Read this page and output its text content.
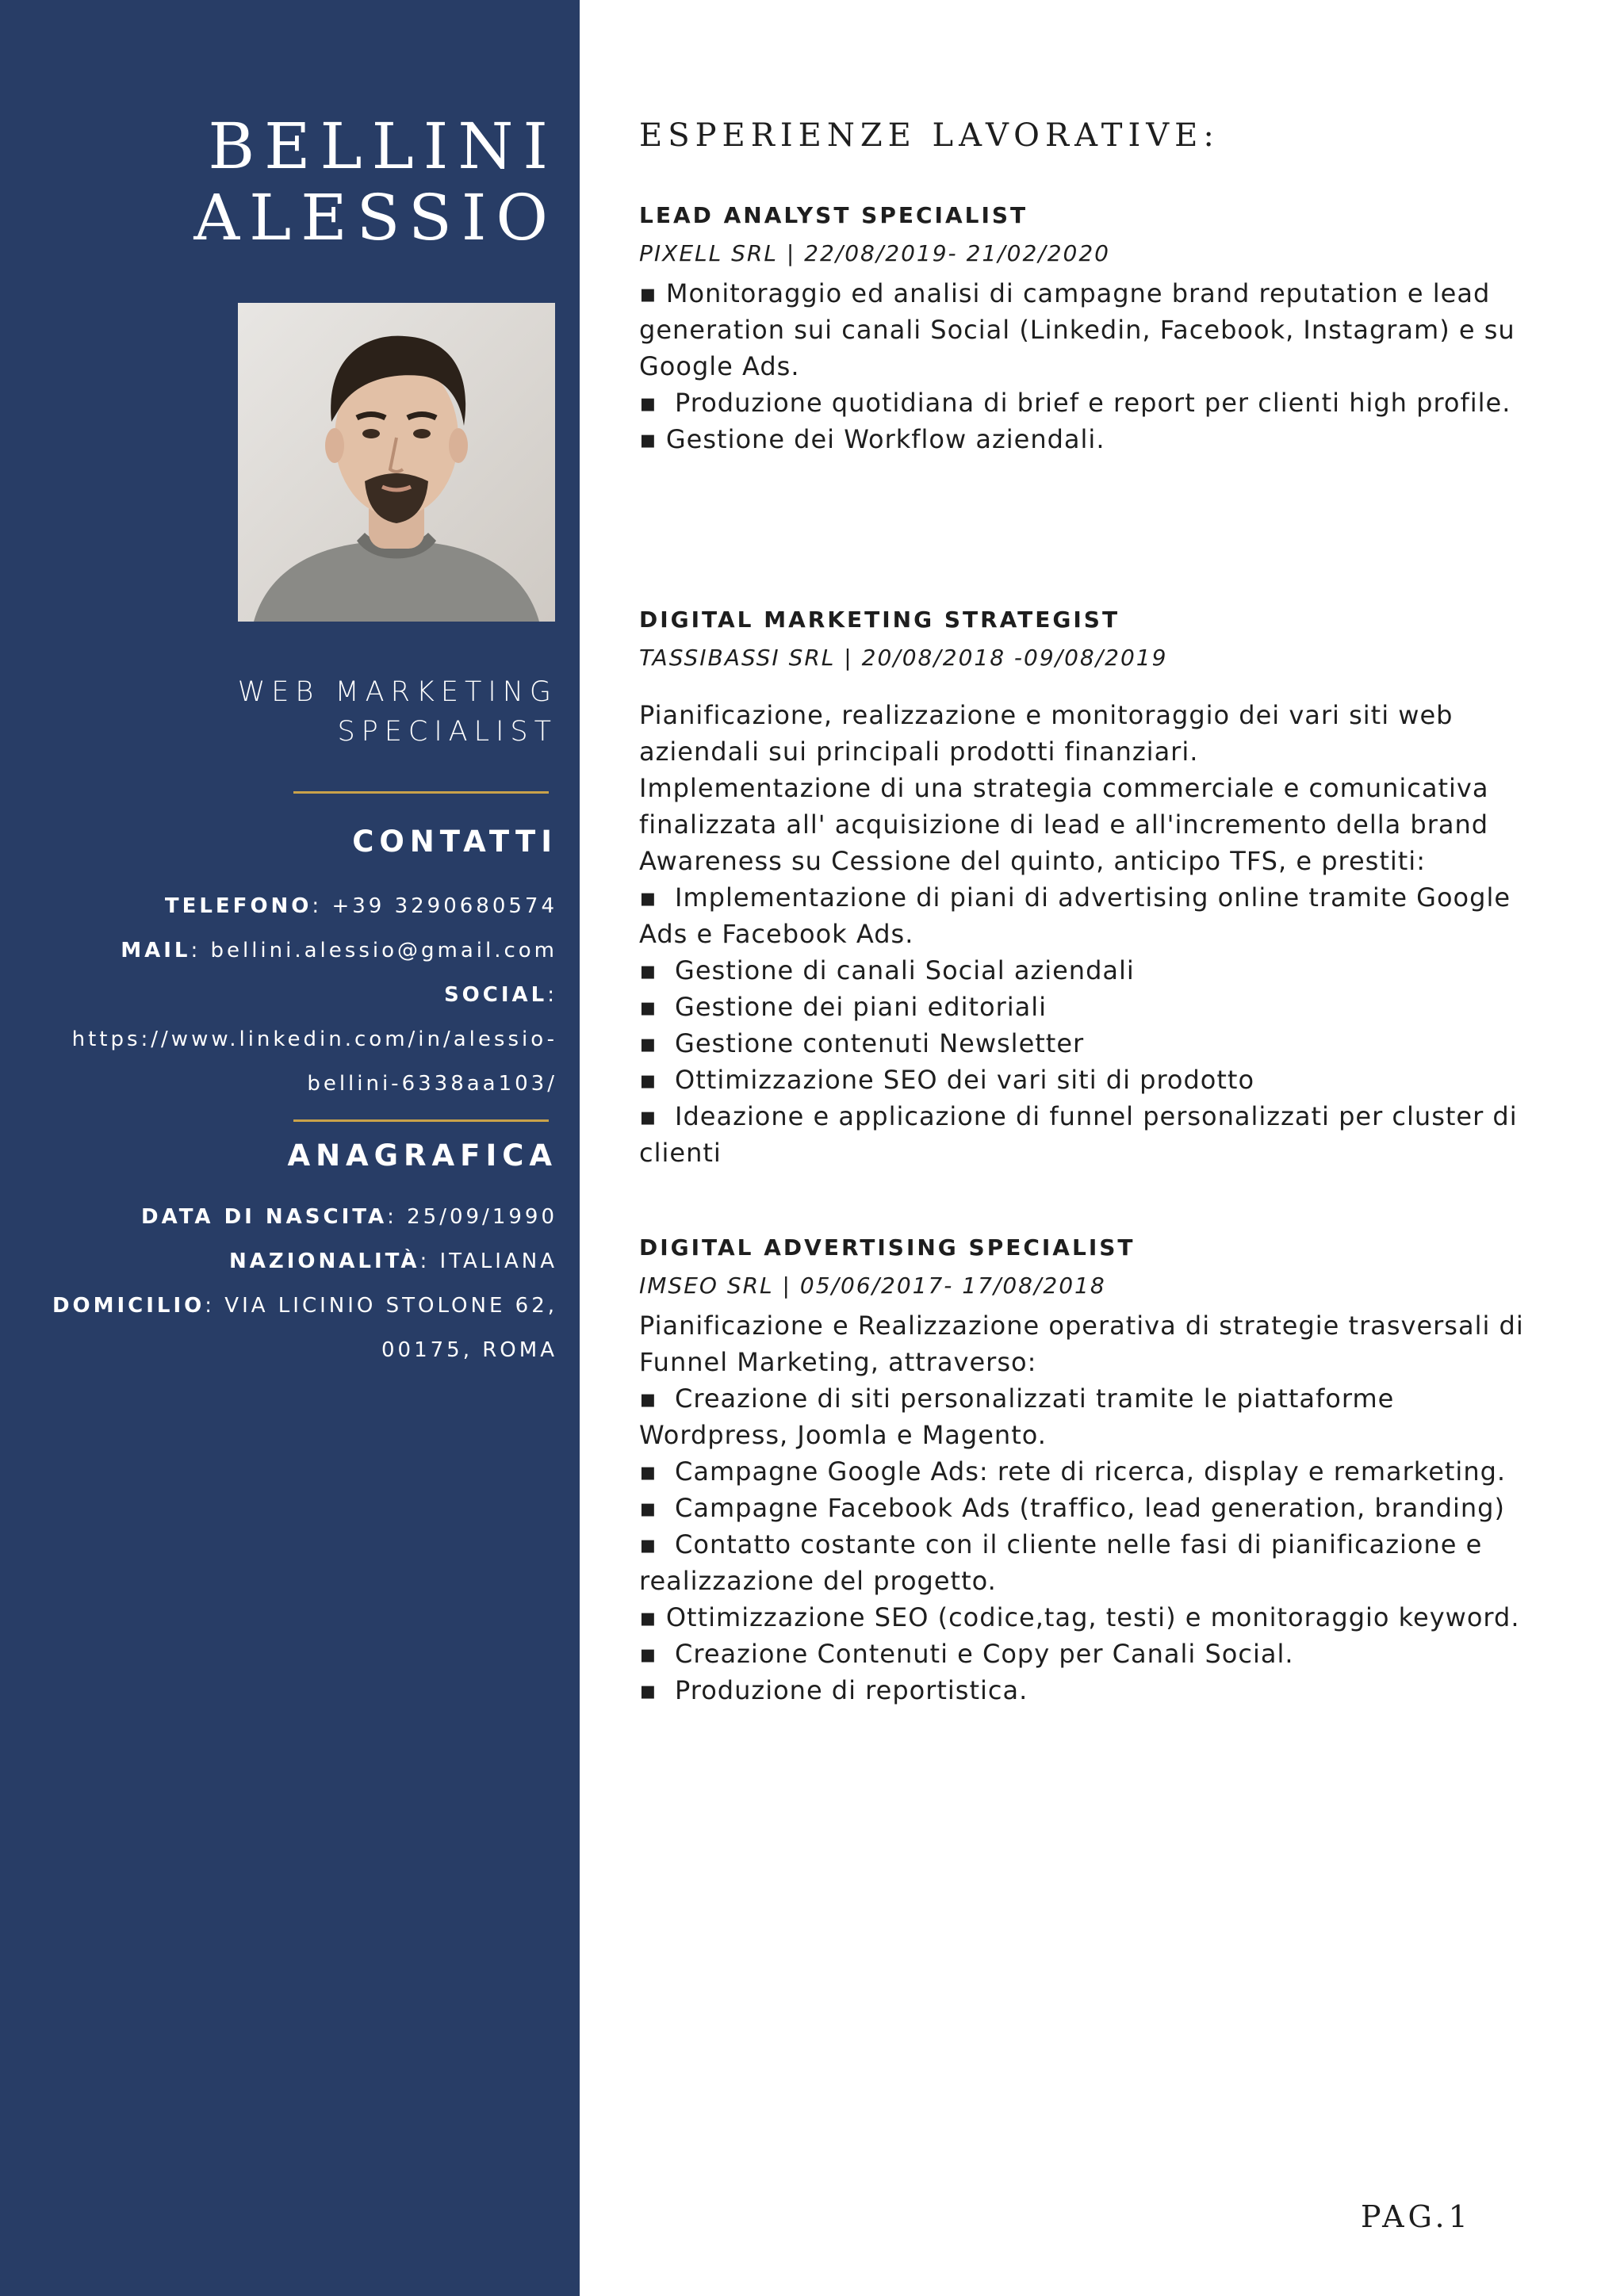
BELLINI
ALESSIO
WEB MARKETING
SPECIALIST
CONTATTI
TELEFONO: +39 3290680574
MAIL: bellini.alessio@gmail.com
SOCIAL:
https://www.linkedin.com/in/alessio-
bellini-6338aa103/
ANAGRAFICA
DATA DI NASCITA: 25/09/1990
NAZIONALITÀ: ITALIANA
DOMICILIO: VIA LICINIO STOLONE 62,
00175, ROMA
ESPERIENZE LAVORATIVE:
LEAD ANALYST SPECIALIST
PIXELL SRL | 22/08/2019- 21/02/2020
▪ Monitoraggio ed analisi di campagne brand reputation e lead
generation sui canali Social (Linkedin, Facebook, Instagram) e su
Google Ads.
▪  Produzione quotidiana di brief e report per clienti high profile.
▪ Gestione dei Workflow aziendali.
DIGITAL MARKETING STRATEGIST
TASSIBASSI SRL | 20/08/2018 -09/08/2019
Pianificazione, realizzazione e monitoraggio dei vari siti web
aziendali sui principali prodotti finanziari.
Implementazione di una strategia commerciale e comunicativa
finalizzata all' acquisizione di lead e all'incremento della brand
Awareness su Cessione del quinto, anticipo TFS, e prestiti:
▪  Implementazione di piani di advertising online tramite Google
Ads e Facebook Ads.
▪  Gestione di canali Social aziendali
▪  Gestione dei piani editoriali
▪  Gestione contenuti Newsletter
▪  Ottimizzazione SEO dei vari siti di prodotto
▪  Ideazione e applicazione di funnel personalizzati per cluster di
clienti
DIGITAL ADVERTISING SPECIALIST
IMSEO SRL | 05/06/2017- 17/08/2018
Pianificazione e Realizzazione operativa di strategie trasversali di
Funnel Marketing, attraverso:
▪  Creazione di siti personalizzati tramite le piattaforme
Wordpress, Joomla e Magento.
▪  Campagne Google Ads: rete di ricerca, display e remarketing.
▪  Campagne Facebook Ads (traffico, lead generation, branding)
▪  Contatto costante con il cliente nelle fasi di pianificazione e
realizzazione del progetto.
▪ Ottimizzazione SEO (codice,tag, testi) e monitoraggio keyword.
▪  Creazione Contenuti e Copy per Canali Social.
▪  Produzione di reportistica.
PAG.1
